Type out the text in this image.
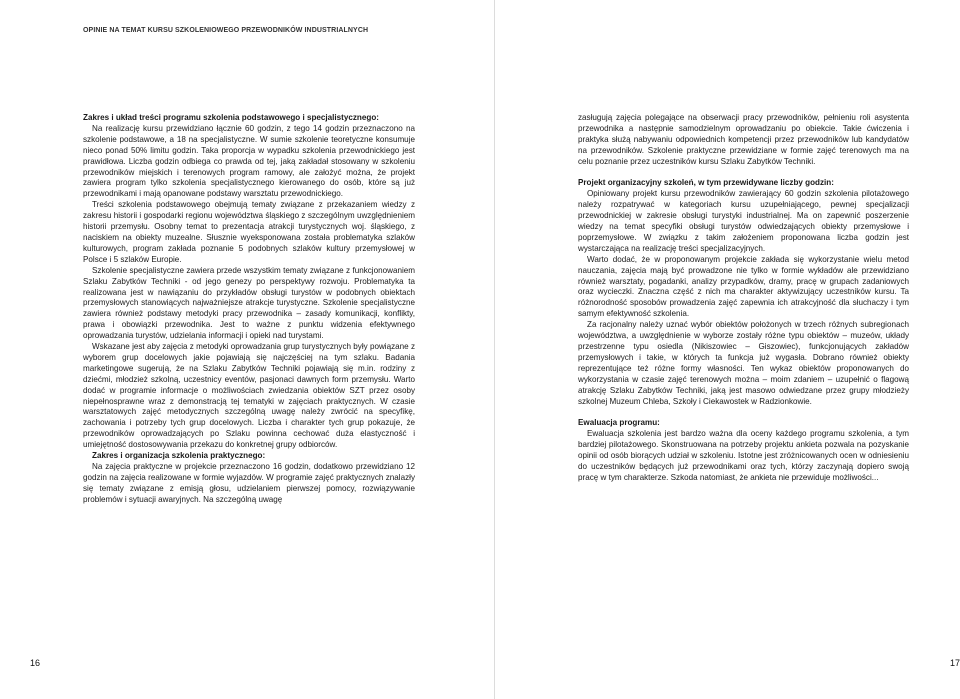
OPINIE NA TEMAT KURSU SZKOLENIOWEGO PRZEWODNIKÓW INDUSTRIALNYCH

Zakres i układ treści programu szkolenia podstawowego i specjalistycznego:

Na realizację kursu przewidziano łącznie 60 godzin, z tego 14 godzin przeznaczono na szkolenie podstawowe, a 18 na specjalistyczne. W sumie szkolenie teoretyczne konsumuje nieco ponad 50% limitu godzin. Taka proporcja w wypadku szkolenia przewodnickiego jest prawidłowa. Liczba godzin odbiega co prawda od tej, jaką zakładał stosowany w szkoleniu przewodników miejskich i terenowych program ramowy, ale założyć można, że projekt zawiera program tylko szkolenia specjalistycznego kierowanego do osób, które są już przewodnikami i mają opanowane podstawy warsztatu przewodnickiego.

Treści szkolenia podstawowego obejmują tematy związane z przekazaniem wiedzy z zakresu historii i gospodarki regionu województwa śląskiego z szczególnym uwzględnieniem historii przemysłu. Osobny temat to prezentacja atrakcji turystycznych woj. śląskiego, z naciskiem na obiekty muzealne. Słusznie wyeksponowana została problematyka szlaków kulturowych, program zakłada poznanie 5 podobnych szlaków kultury przemysłowej w Polsce i 5 szlaków Europie.

Szkolenie specjalistyczne zawiera przede wszystkim tematy związane z funkcjonowaniem Szlaku Zabytków Techniki - od jego genezy po perspektywy rozwoju. Problematyka ta realizowana jest w nawiązaniu do przykładów obsługi turystów w podobnych obiektach przemysłowych stanowiących najważniejsze atrakcje turystyczne. Szkolenie specjalistyczne zawiera również podstawy metodyki pracy przewodnika – zasady komunikacji, konflikty, prawa i obowiązki przewodnika. Jest to ważne z punktu widzenia efektywnego oprowadzania turystów, udzielania informacji i opieki nad turystami.

Wskazane jest aby zajęcia z metodyki oprowadzania grup turystycznych były powiązane z wyborem grup docelowych jakie pojawiają się najczęściej na tym szlaku. Badania marketingowe sugerują, że na Szlaku Zabytków Techniki pojawiają się m.in. rodziny z dziećmi, młodzież szkolną, uczestnicy eventów, pasjonaci dawnych form przemysłu. Warto dodać w programie informacje o możliwościach zwiedzania obiektów SZT przez osoby niepełnosprawne wraz z demonstracją tej tematyki w zajęciach praktycznych. W czasie warsztatowych zajęć metodycznych szczególną uwagę należy zwrócić na specyfikę, zachowania i potrzeby tych grup docelowych. Liczba i charakter tych grup pokazuje, że przewodników oprowadzających po Szlaku powinna cechować duża elastyczność i umiejętność dostosowywania przekazu do konkretnej grupy odbiorców.

Zakres i organizacja szkolenia praktycznego:

Na zajęcia praktyczne w projekcie przeznaczono 16 godzin, dodatkowo przewidziano 12 godzin na zajęcia realizowane w formie wyjazdów. W programie zajęć praktycznych znalazły się tematy związane z emisją głosu, udzielaniem pierwszej pomocy, rozwiązywanie problemów i sytuacji awaryjnych. Na szczególną uwagę

16

zasługują zajęcia polegające na obserwacji pracy przewodników, pełnieniu roli asystenta przewodnika a następnie samodzielnym oprowadzaniu po obiekcie. Takie ćwiczenia i praktyka służą nabywaniu odpowiednich kompetencji przez przewodników lub kandydatów na przewodników. Szkolenie praktyczne przewidziane w formie zajęć terenowych ma na celu poznanie przez uczestników kursu Szlaku Zabytków Techniki.

Projekt organizacyjny szkoleń, w tym przewidywane liczby godzin:

Opiniowany projekt kursu przewodników zawierający 60 godzin szkolenia pilotażowego należy rozpatrywać w kategoriach kursu uzupełniającego, pewnej specjalizacji przewodnickiej w zakresie obsługi turystyki industrialnej. Ma on zapewnić poszerzenie wiedzy na temat specyfiki obsługi turystów odwiedzających obiekty przemysłowe i poprzemysłowe. W związku z takim założeniem proponowana liczba godzin jest wystarczająca na realizację treści specjalizacyjnych.

Warto dodać, że w proponowanym projekcie zakłada się wykorzystanie wielu metod nauczania, zajęcia mają być prowadzone nie tylko w formie wykładów ale przewidziano również warsztaty, pogadanki, analizy przypadków, dramy, pracę w grupach zadaniowych oraz wycieczki. Znaczna część z nich ma charakter aktywizujący uczestników kursu. Ta różnorodność sposobów prowadzenia zajęć zapewnia ich atrakcyjność dla słuchaczy i tym samym efektywność szkolenia.

Za racjonalny należy uznać wybór obiektów położonych w trzech różnych subregionach województwa, a uwzględnienie w wyborze zostały różne typu obiektów – muzeów, układy przestrzenne typu osiedla (Nikiszowiec – Giszowiec), funkcjonujących zakładów przemysłowych i takie, w których ta funkcja już wygasła. Dobrano również obiekty reprezentujące też różne formy własności. Ten wykaz obiektów proponowanych do wykorzystania w czasie zajęć terenowych można – moim zdaniem – uzupełnić o flagową atrakcję Szlaku Zabytków Techniki, jaką jest masowo odwiedzane przez grupy młodzieży szkolnej Muzeum Chleba, Szkoły i Ciekawostek w Radzionkowie.

Ewaluacja programu:

Ewaluacja szkolenia jest bardzo ważna dla oceny każdego programu szkolenia, a tym bardziej pilotażowego. Skonstruowana na potrzeby projektu ankieta pozwala na pozyskanie opinii od osób biorących udział w szkoleniu. Istotne jest zróżnicowanych ocen w odniesieniu do uczestników będących już przewodnikami oraz tych, którzy zaczynają dopiero swoją pracę w tym charakterze. Szkoda natomiast, że ankieta nie przewiduje możliwości...

17
